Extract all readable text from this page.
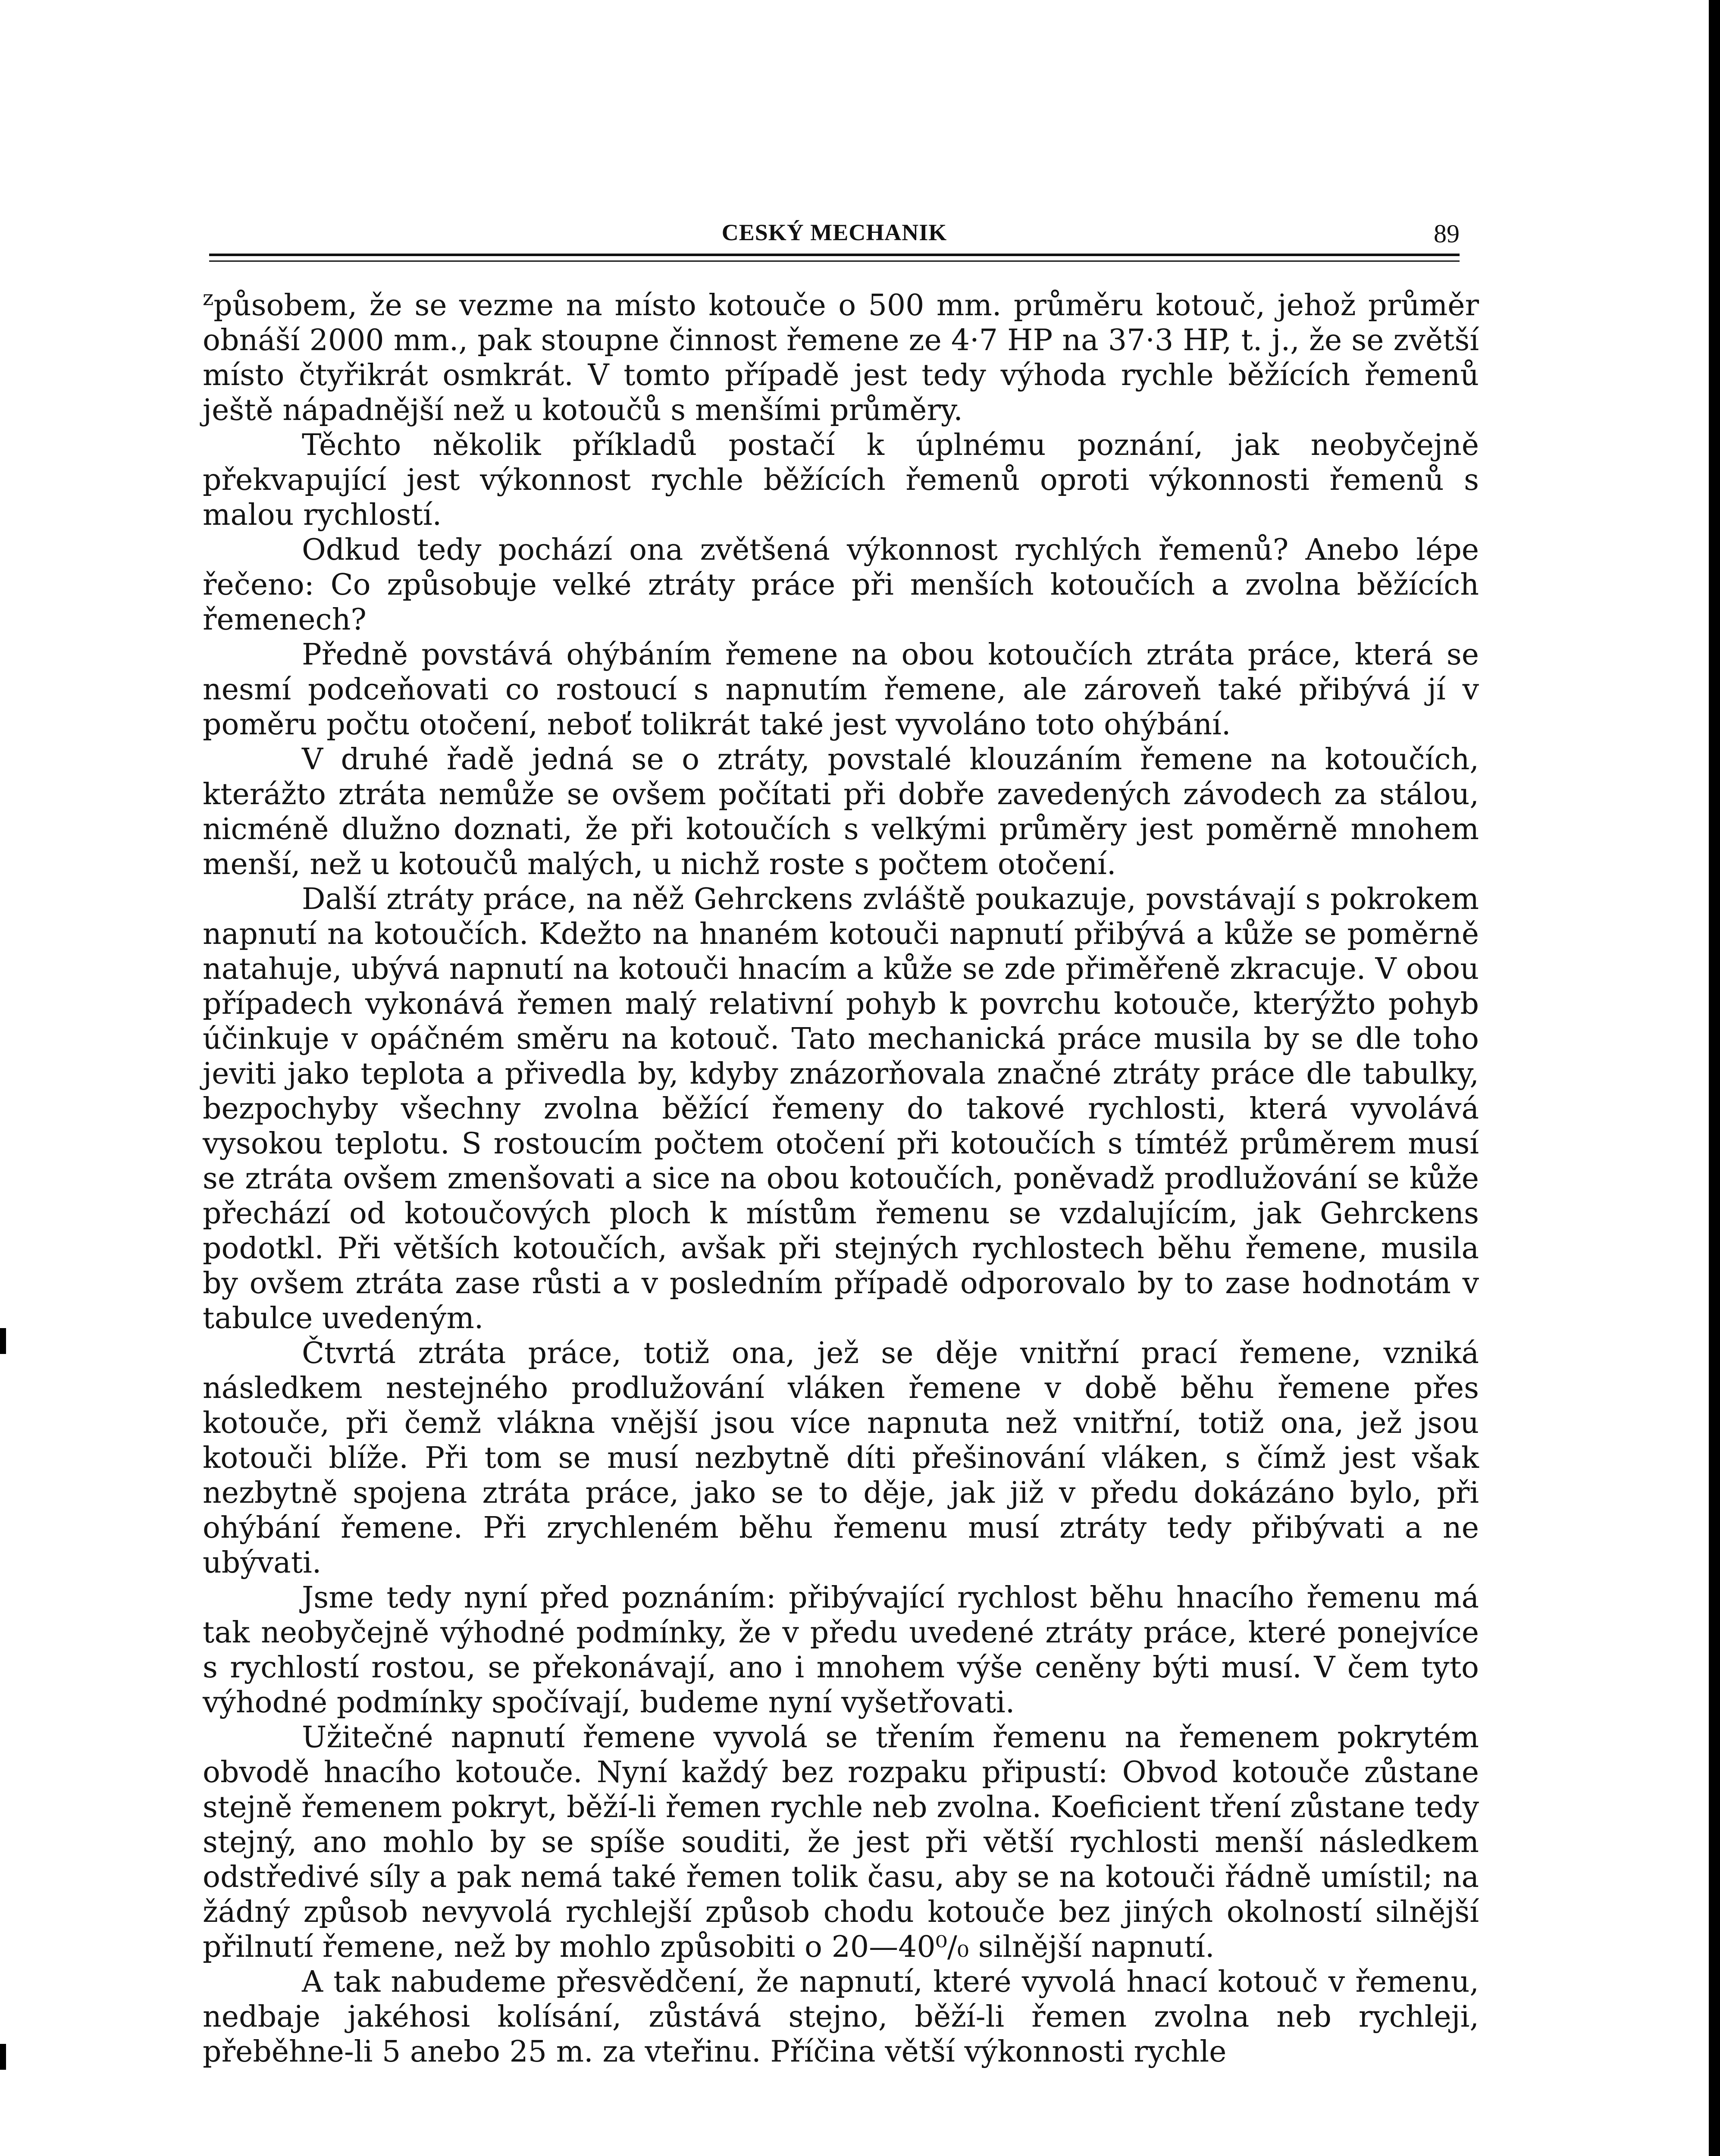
CESKÝ MECHANIK	89

$^z$působem, že se vezme na místo kotouče o 500 mm. průměru kotouč, jehož průměr obnáší 2000 mm., pak stoupne činnost řemene ze 4·7 HP na 37·3 HP, t. j., že se zvětší místo čtyřikrát osmkrát. V tomto případě jest tedy výhoda rychle běžících řemenů ještě nápadnější než u kotoučů s menšími průměry.

Těchto několik příkladů postačí k úplnému poznání, jak neobyčejně překvapující jest výkonnost rychle běžících řemenů oproti výkonnosti řemenů s malou rychlostí.

Odkud tedy pochází ona zvětšená výkonnost rychlých řemenů? Anebo lépe řečeno: Co způsobuje velké ztráty práce při menších kotoučích a zvolna běžících řemenech?

Předně povstává ohýbáním řemene na obou kotoučích ztráta práce, která se nesmí podceňovati co rostoucí s napnutím řemene, ale zároveň také přibývá jí v poměru počtu otočení, neboť tolikrát také jest vyvoláno toto ohýbání.

V druhé řadě jedná se o ztráty, povstalé klouzáním řemene na kotoučích, kterážto ztráta nemůže se ovšem počítati při dobře zavedených závodech za stálou, nicméně dlužno doznati, že při kotoučích s velkými průměry jest poměrně mnohem menší, než u kotoučů malých, u nichž roste s počtem otočení.

Další ztráty práce, na něž Gehrckens zvláště poukazuje, povstávají s pokrokem napnutí na kotoučích. Kdežto na hnaném kotouči napnutí přibývá a kůže se poměrně natahuje, ubývá napnutí na kotouči hnacím a kůže se zde přiměřeně zkracuje. V obou případech vykonává řemen malý relativní pohyb k povrchu kotouče, kterýžto pohyb účinkuje v opáčném směru na kotouč. Tato mechanická práce musila by se dle toho jeviti jako teplota a přivedla by, kdyby znázorňovala značné ztráty práce dle tabulky, bezpochyby všechny zvolna běžící řemeny do takové rychlosti, která vyvolává vysokou teplotu. S rostoucím počtem otočení při kotoučích s tímtéž průměrem musí se ztráta ovšem zmenšovati a sice na obou kotoučích, poněvadž prodlužování se kůže přechází od kotoučových ploch k místům řemenu se vzdalujícím, jak Gehrckens podotkl. Při větších kotoučích, avšak při stejných rychlostech běhu řemene, musila by ovšem ztráta zase růsti a v posledním případě odporovalo by to zase hodnotám v tabulce uvedeným.

Čtvrtá ztráta práce, totiž ona, jež se děje vnitřní prací řemene, vzniká následkem nestejného prodlužování vláken řemene v době běhu řemene přes kotouče, při čemž vlákna vnější jsou více napnuta než vnitřní, totiž ona, jež jsou kotouči blíže. Při tom se musí nezbytně díti přešinování vláken, s čímž jest však nezbytně spojena ztráta práce, jako se to děje, jak již v předu dokázáno bylo, při ohýbání řemene. Při zrychleném běhu řemenu musí ztráty tedy přibývati a ne ubývati.

Jsme tedy nyní před poznáním: přibývající rychlost běhu hnacího řemenu má tak neobyčejně výhodné podmínky, že v předu uvedené ztráty práce, které ponejvíce s rychlostí rostou, se překonávají, ano i mnohem výše ceněny býti musí. V čem tyto výhodné podmínky spočívají, budeme nyní vyšetřovati.

Užitečné napnutí řemene vyvolá se třením řemenu na řemenem pokrytém obvodě hnacího kotouče. Nyní každý bez rozpaku připustí: Obvod kotouče zůstane stejně řemenem pokryt, běží-li řemen rychle neb zvolna. Koeficient tření zůstane tedy stejný, ano mohlo by se spíše souditi, že jest při větší rychlosti menší následkem odstředivé síly a pak nemá také řemen tolik času, aby se na kotouči řádně umístil; na žádný způsob nevyvolá rychlejší způsob chodu kotouče bez jiných okolností silnější přilnutí řemene, než by mohlo způsobiti o 20—40⁰/₀ silnější napnutí.

A tak nabudeme přesvědčení, že napnutí, které vyvolá hnací kotouč v řemenu, nedbaje jakéhosi kolísání, zůstává stejno, běží-li řemen zvolna neb rychleji, přeběhne-li 5 anebo 25 m. za vteřinu. Příčina větší výkonnosti rychle
